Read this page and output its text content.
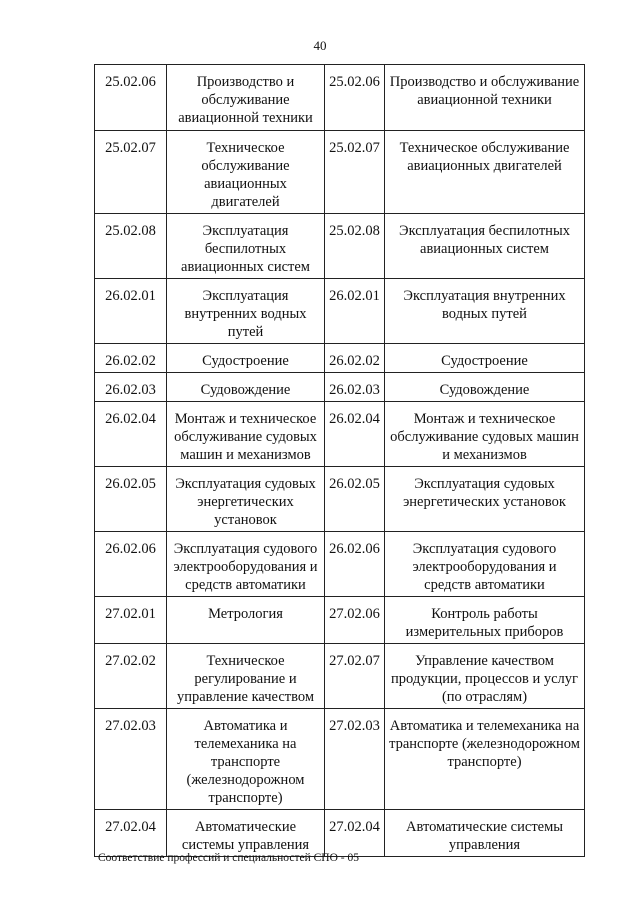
40
25.02.06	Производство и обслуживание авиационной техники	25.02.06	Производство и обслуживание авиационной техники
25.02.07	Техническое обслуживание авиационных двигателей	25.02.07	Техническое обслуживание авиационных двигателей
25.02.08	Эксплуатация беспилотных авиационных систем	25.02.08	Эксплуатация беспилотных авиационных систем
26.02.01	Эксплуатация внутренних водных путей	26.02.01	Эксплуатация внутренних водных путей
26.02.02	Судостроение	26.02.02	Судостроение
26.02.03	Судовождение	26.02.03	Судовождение
26.02.04	Монтаж и техническое обслуживание судовых машин и механизмов	26.02.04	Монтаж и техническое обслуживание судовых машин и механизмов
26.02.05	Эксплуатация судовых энергетических установок	26.02.05	Эксплуатация судовых энергетических установок
26.02.06	Эксплуатация судового электрооборудования и средств автоматики	26.02.06	Эксплуатация судового электрооборудования и средств автоматики
27.02.01	Метрология	27.02.06	Контроль работы измерительных приборов
27.02.02	Техническое регулирование и управление качеством	27.02.07	Управление качеством продукции, процессов и услуг (по отраслям)
27.02.03	Автоматика и телемеханика на транспорте (железнодорожном транспорте)	27.02.03	Автоматика и телемеханика на транспорте (железнодорожном транспорте)
27.02.04	Автоматические системы управления	27.02.04	Автоматические системы управления
Соответствие профессий и специальностей СПО - 05
